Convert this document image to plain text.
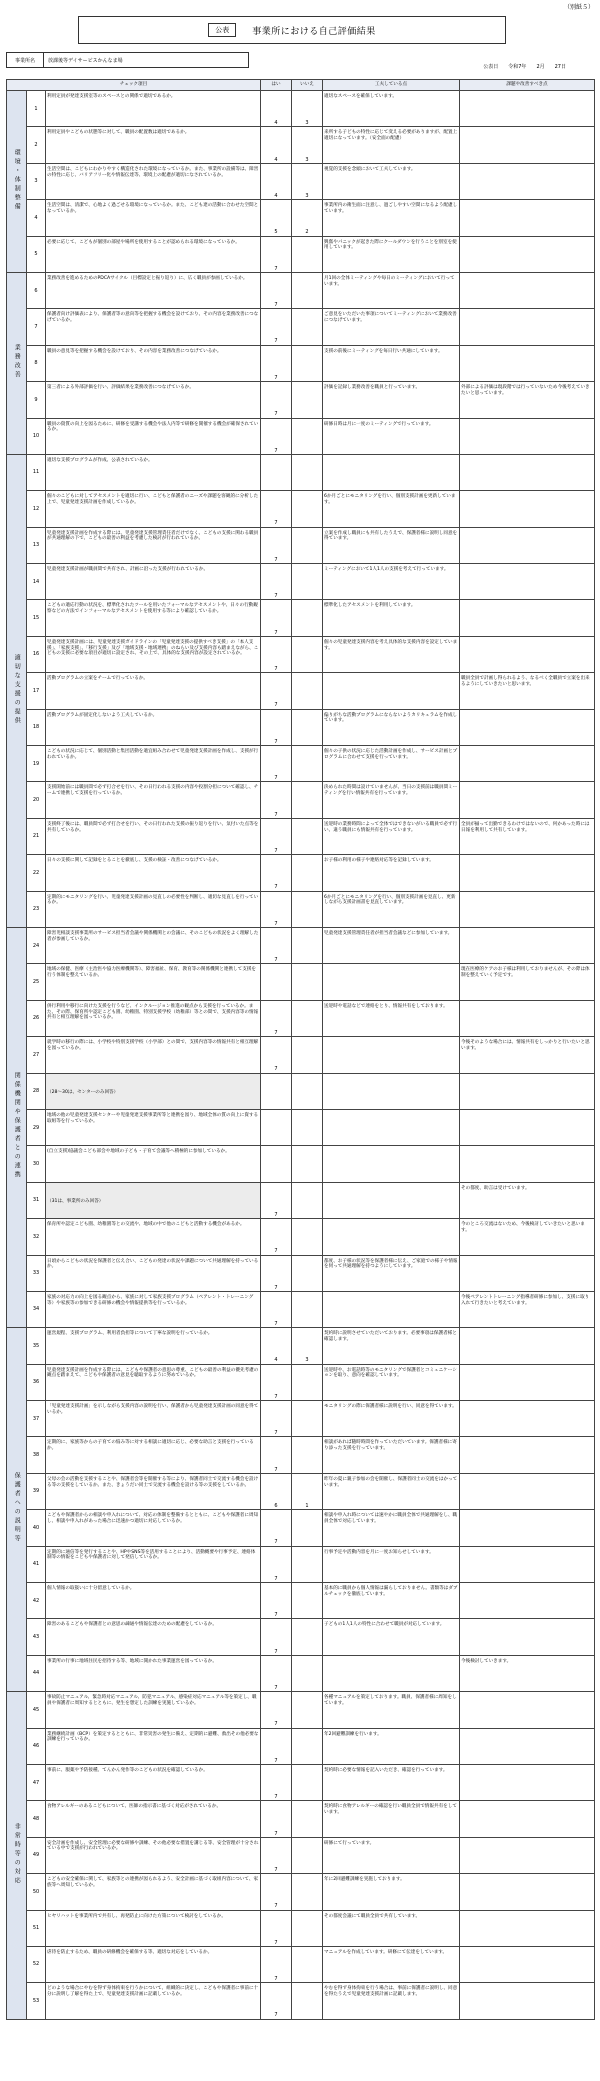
（別紙５）
公表	事業所における自己評価結果
事業所名	放課後等デイサービスかんなま場
公表日 令和7年 2月 27日
チェック項目			はい	いいえ	工夫している点	課題や改善すべき点
環境・体制整備	1	利用定員が発達支援室等のスペースとの関係で適切であるか。	4	3	適切なスペースを確保しています。	
	2	利用定員やこどもの状態等に対して、職員の配置数は適切であるか。	4	3	来所する子どもの特性に応じて変える必要がありますが、配置上適切になっています。（安全面の配慮）	
	3	生活空間は、こどもにわかりやすく構造化された環境になっているか。また、事業所の設備等は、障害の特性に応じ、バリアフリー化や情報伝達等、環境上の配慮が適切になされているか。	4	3	視覚的支援を念頭において工夫しています。	
	4	生活空間は、清潔で、心地よく過ごせる環境になっているか。また、こども達の活動に合わせた空間となっているか。	5	2	事業所内の衛生面に注意し、過ごしやすい空間になるよう配慮しています。	
	5	必要に応じて、こどもが個別の部屋や場所を使用することが認められる環境になっているか。	7		興奮やパニックが起きた際にクールダウンを行うことを別室を使用しています。	
業務改善	6	業務改善を進めるためのPDCAサイクル（目標設定と振り返り）に、広く職員が参画しているか。	7		月1回の全体ミーティングや毎日のミーティングにおいて行っています。	
	7	保護者向け評価表により、保護者等の意向等を把握する機会を設けており、その内容を業務改善につなげているか。	7		ご意見をいただいた事項についてミーティングにおいて業務改善につなげています。	
	8	職員の意見等を把握する機会を設けており、その内容を業務改善につなげているか。	7		支援の前後にミーティングを毎日行い共通にしています。	
	9	第三者による外部評価を行い、評価結果を業務改善につなげているか。	7		評価を記録し業務改善を職員と行っています。	外部による評価は現段階では行っていないため今後考えていきたいと思っています。
	10	職員の資質の向上を図るために、研修を受講する機会や法人内等で研修を開催する機会が確保されているか。	7		研修日時は月に一度のミーティングで行っています。	
適切な支援の提供	11	適切な支援プログラムが作成、公表されているか。				
	12	個々のこどもに対してアセスメントを適切に行い、こどもと保護者のニーズや課題を客観的に分析した上で、児童発達支援計画を作成しているか。	7		6か月ごとにモニタリングを行い、個別支援計画を更新しています。	
	13	児童発達支援計画を作成する際には、児童発達支援管理責任者だけでなく、こどもの支援に関わる職員が共通理解の下で、こどもの最善の利益を考慮した検討が行われているか。	7		立案を作成し職員にも共有したうえで、保護者様に説明し同意を得ています。	
	14	児童発達支援計画が職員間で共有され、計画に沿った支援が行われているか。	7		ミーティングにおいて1人1人の支援を考えて行っています。	
	15	こどもの適応行動の状況を、標準化されたツールを用いたフォーマルなアセスメントや、日々の行動観察などの方法でインフォーマルなアセスメントを使用する等により確認しているか。	7		標準化したアセスメントを利用しています。	
	16	児童発達支援計画には、児童発達支援ガイドラインの「児童発達支援の提供すべき支援」の「本人支援」、「家族支援」、「移行支援」及び「地域支援・地域連携」のねらい及び支援内容も踏まえながら、こどもの支援に必要な項目が適切に設定され、その上で、具体的な支援内容が設定されているか。	7		個々の児童発達支援内容を考え具体的な支援内容を設定しています。	
	17	活動プログラムの立案をチームで行っているか。	7			職員全員で計画し得られるよう、なるべく全職員で立案を出来るようにしていきたいと思います。
	18	活動プログラムが固定化しないよう工夫しているか。	7		偏りがちな活動プログラムにならないようカリキュラムを作成しています。	
	19	こどもの状況に応じて、個別活動と集団活動を適宜組み合わせて児童発達支援計画を作成し、支援が行われているか。	7		個々の子供の状況に応じた活動計画を作成し、サービス計画とプログラムに合わせて支援を行っています。	
	20	支援開始前には職員間で必ず打合せを行い、その日行われる支援の内容や役割分担について確認し、チームで連携して支援を行っているか。	7		決められた時間は設けていませんが、当日の支援前は職員間ミーティングを行い情報共有を行っています。	
	21	支援終了後には、職員間で必ず打合せを行い、その日行われた支援の振り返りを行い、気付いた点等を共有しているか。	7		送迎時の業務時間によって全体ではできないがいる職員で必ず行い、違う職員にも情報共有を行っています。	全員が揃って出勤できるわけではないので、何かあった時には日報を利用して共有しています。
	22	日々の支援に関して記録をとることを徹底し、支援の検証・改善につなげているか。	7		お子様の利用の様子や連絡対応等を記録しています。	
	23	定期的にモニタリングを行い、児童発達支援計画の見直しの必要性を判断し、適切な見直しを行っているか。	7		6か月ごとにモニタリングを行い、個別支援計画を見直し、更新しながら支援計画書を見直しています。	
関係機関や保護者との連携	24	障害児相談支援事業所のサービス担当者会議や関係機関との会議に、そのこどもの状況をよく理解した者が参画しているか。	7		児童発達支援管理責任者が担当者会議などに参加しています。	
	25	地域の保健、医療（主治医や協力医療機関等）、障害福祉、保育、教育等の関係機関と連携して支援を行う体制を整えているか。				現在医療的ケアのお子様は利用しておりませんが、その際は体制を整えていく予定です。
	26	併行利用や移行に向けた支援を行うなど、インクルージョン推進の観点から支援を行っているか。また、その際、保育所や認定こども園、幼稚園、特別支援学校（幼稚部）等との間で、支援内容等の情報共有と相互理解を図っているか。	7		送迎時や電話などで連絡をとり、情報共有をしております。	
	27	就学時の移行の際には、小学校や特別支援学校（小学部）との間で、支援内容等の情報共有と相互理解を図っているか。	7			今後そのような場合には、情報共有をしっかりと行いたいと思います。
	28	（28～30は、センターのみ回答）				
	29	地域の他の児童発達支援センターや児童発達支援事業所等と連携を図り、地域全体の質の向上に資する取組等を行っているか。				
	30	(自立支援)協議会こども部会や地域の子ども・子育て会議等へ積極的に参加しているか。				
	31	（31は、事業所のみ回答）	7			その都度、助言は受けています。
	32	保育所や認定こども園、幼稚園等との交流や、地域の中で他のこどもと活動する機会があるか。	7			今のところ交流はないため、今後検討していきたいと思います。
	33	日頃からこどもの状況を保護者と伝え合い、こどもの発達の状況や課題について共通理解を持っているか。	7		都度、お子様の状況等を保護者様に伝え、ご家庭での様子や情報を伺って共通理解を持つようにしています。	
	34	家族の対応力の向上を図る観点から、家族に対して家族支援プログラム（ペアレント・トレーニング等）や家族等の参加できる研修の機会や情報提供等を行っているか。	7			今後ペアレントトレーニング指導者研修に参加し、支援に取り入れて行きたいと考えています。
保護者への説明等	35	運営規程、支援プログラム、利用者負担等について丁寧な説明を行っているか。	4	3	契約時に説明させていただいております。必要事項は保護者様と確認します。	
	36	児童発達支援計画を作成する際には、こどもや保護者の意思の尊重、こどもの最善の利益の優先考慮の観点を踏まえて、こどもや保護者の意見を聴取するように努めているか。	7		送迎時や、お電話時等のモニタリングで保護者とコミュニケーションを取り、意向を確認しています。	
	37	「児童発達支援計画」を示しながら支援内容の説明を行い、保護者から児童発達支援計画の同意を得ているか。	7		モニタリングの際に保護者様に説明を行い、同意を得ています。	
	38	定期的に、家族等からの子育ての悩み等に対する相談に適切に応じ、必要な助言と支援を行っているか。	7		相談があれば随時時間を作っていただいています。保護者様に寄り添った支援を行っています。	
	39	父母の会の活動を支援することや、保護者会等を開催する等により、保護者同士で交流する機会を設ける等の支援をしているか。また、きょうだい同士で交流する機会を設ける等の支援をしているか。	6	1	昨年の夏に親子参加の会を開催し、保護者同士の交流をはかっています。	
	40	こどもや保護者からの相談や申入れについて、対応の体制を整備するとともに、こどもや保護者に周知し、相談や申入れがあった場合に迅速かつ適切に対応しているか。	7		相談や申入れ時については速やかに職員全体で共通理解をし、職員全体で対応しています。	
	41	定期的に通信等を発行することや、HPやSNS等を活用することにより、活動概要や行事予定、連絡体制等の情報をこどもや保護者に対して発信しているか。	7		行事予定や活動内容を月に一度お知らせしています。	
	42	個人情報の取扱いに十分留意しているか。	7		基本的に職員から個人情報は漏らしておりません。書類等はダブルチェックを徹底しています。	
	43	障害のあるこどもや保護者との意思の疎通や情報伝達のための配慮をしているか。	7		子どもの1人1人の特性に合わせて職員が対応しています。	
	44	事業所の行事に地域住民を招待する等、地域に開かれた事業運営を図っているか。	7			今後検討していきます。
非常時等の対応	45	事故防止マニュアル、緊急時対応マニュアル、防犯マニュアル、感染症対応マニュアル等を策定し、職員や保護者に周知するとともに、発生を想定した訓練を実施しているか。	7		各種マニュアルを策定しております。職員、保護者様に周知をしています。	
	46	業務継続計画（BCP）を策定するとともに、非常災害の発生に備え、定期的に避難、救出その他必要な訓練を行っているか。	7		年2回避難訓練を行います。	
	47	事前に、服薬や予防接種、てんかん発作等のこどもの状況を確認しているか。	7		契約時に必要な情報を記入いただき、確認を行っています。	
	48	食物アレルギーのあるこどもについて、医師の指示書に基づく対応がされているか。	7		契約時に食物アレルギーの確認を行い職員全員で情報共有をしています。	
	49	安全計画を作成し、安全管理に必要な研修や訓練、その他必要な措置を講じる等、安全管理が十分されている中で支援が行われているか。	7		研修にて行っています。	
	50	こどもの安全確保に関して、家族等との連携が図られるよう、安全計画に基づく取組内容について、家族等へ周知しているか。	7		年に2回避難訓練を実施しております。	
	51	ヒヤリハットを事業所内で共有し、再発防止に向けた方策について検討をしているか。	7		その都度会議にて職員全員で共有しています。	
	52	虐待を防止するため、職員の研修機会を確保する等、適切な対応をしているか。	7		マニュアルを作成しています。研修にて伝達をしています。	
	53	どのような場合にやむを得ず身体拘束を行うかについて、組織的に決定し、こどもや保護者に事前に十分に説明し了解を得た上で、児童発達支援計画に記載しているか。	7		やむを得ず身体拘束を行う場合は、事前に保護者に説明し、同意を得たうえで児童発達支援計画に記載します。	
